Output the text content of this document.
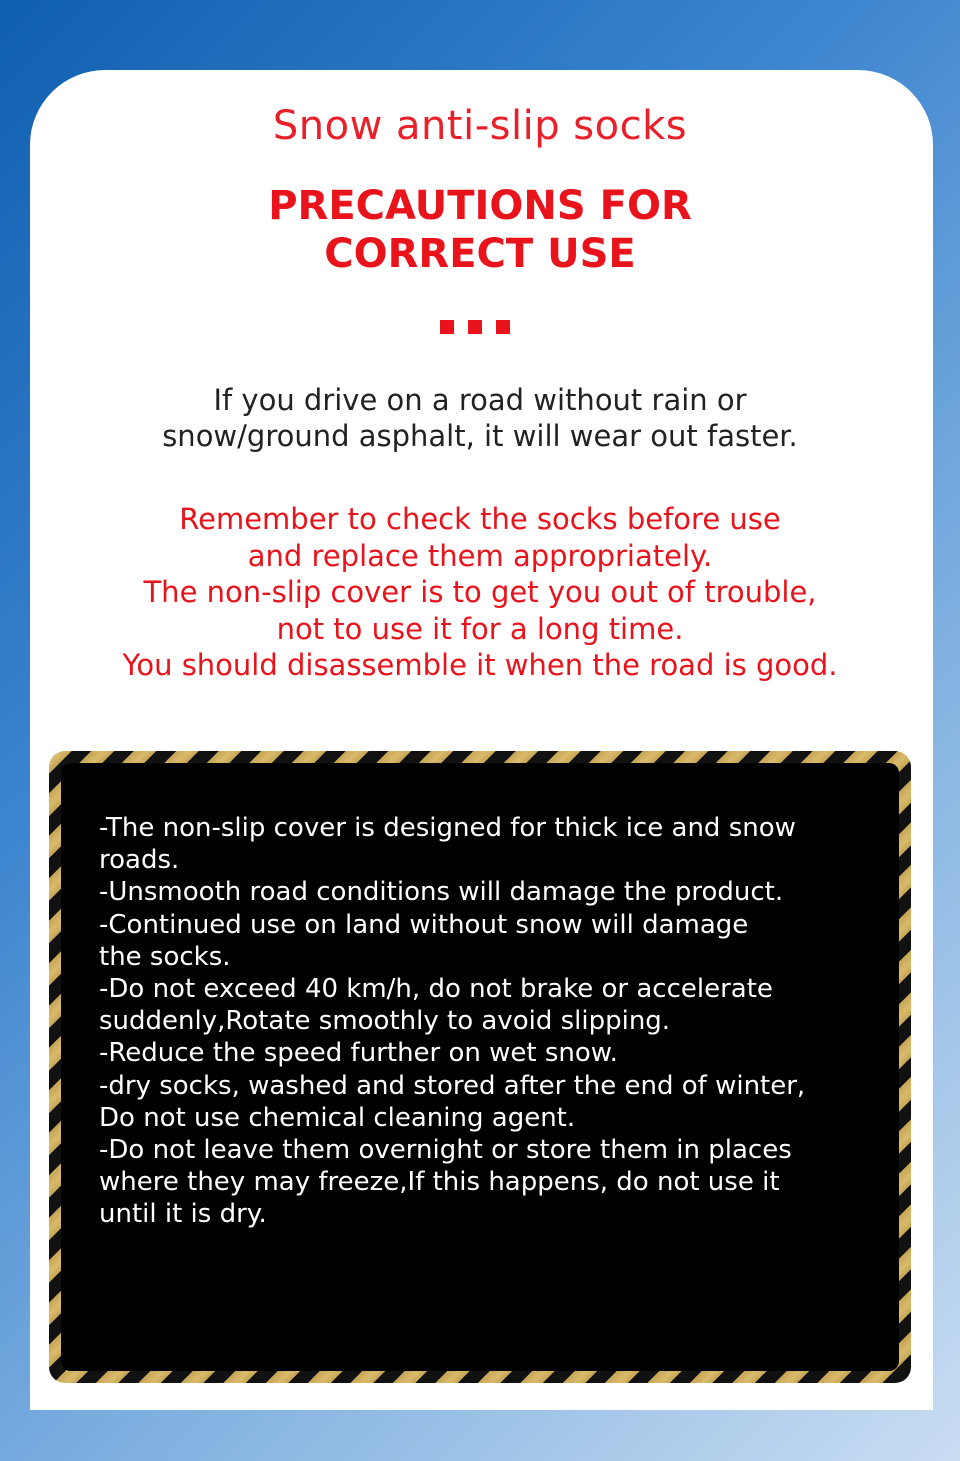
Snow anti-slip socks
PRECAUTIONS FOR
CORRECT USE
If you drive on a road without rain or
snow/ground asphalt, it will wear out faster.
Remember to check the socks before use
and replace them appropriately.
The non-slip cover is to get you out of trouble,
not to use it for a long time.
You should disassemble it when the road is good.
-The non-slip cover is designed for thick ice and snow
roads.
-Unsmooth road conditions will damage the product.
-Continued use on land without snow will damage
the socks.
-Do not exceed 40 km/h, do not brake or accelerate
suddenly,Rotate smoothly to avoid slipping.
-Reduce the speed further on wet snow.
-dry socks, washed and stored after the end of winter,
Do not use chemical cleaning agent.
-Do not leave them overnight or store them in places
where they may freeze,If this happens, do not use it
until it is dry.
